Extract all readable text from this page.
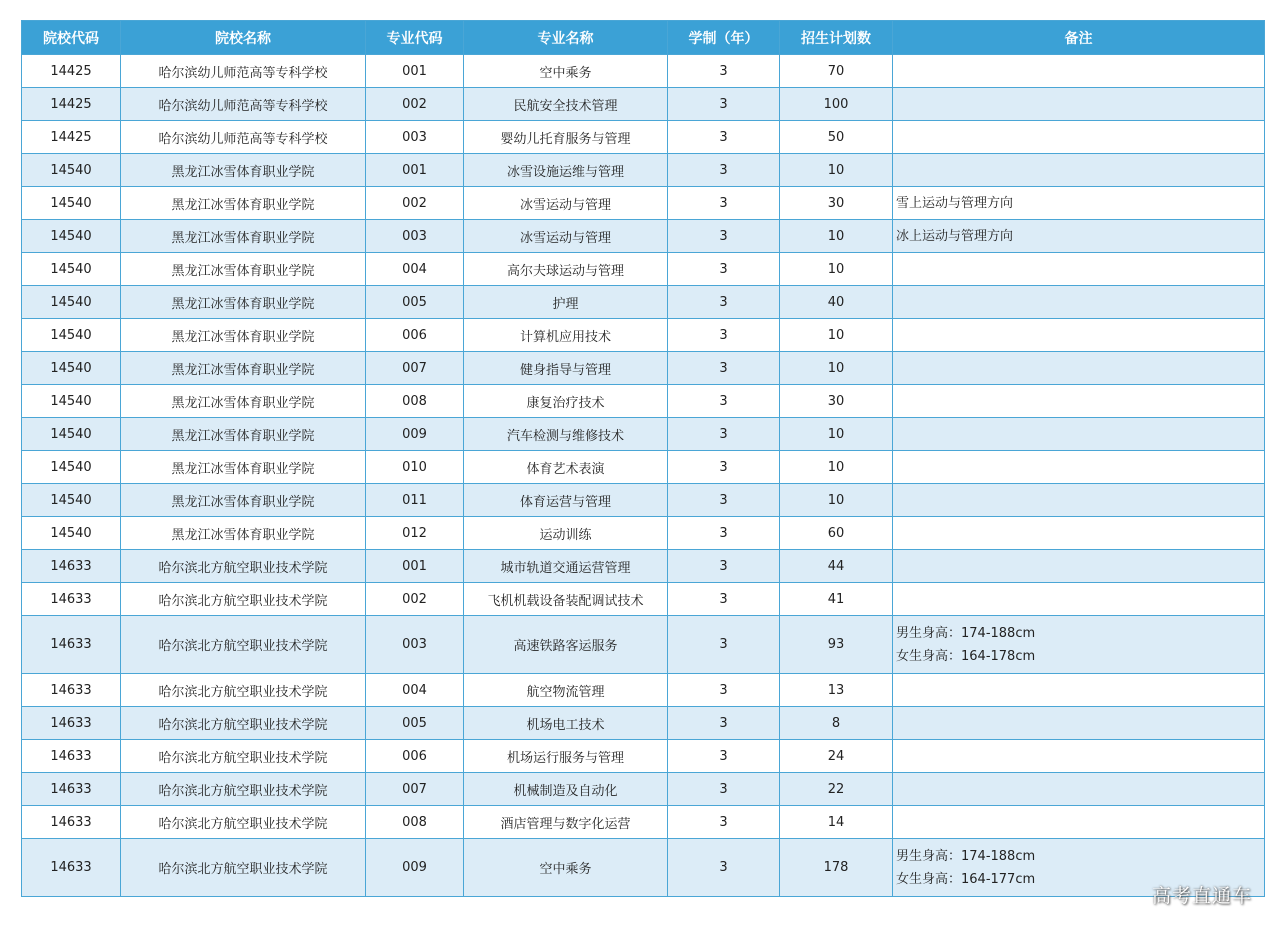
院校代码	院校名称	专业代码	专业名称	学制（年）	招生计划数	备注
14425	哈尔滨幼儿师范高等专科学校	001	空中乘务	3	70	
14425	哈尔滨幼儿师范高等专科学校	002	民航安全技术管理	3	100	
14425	哈尔滨幼儿师范高等专科学校	003	婴幼儿托育服务与管理	3	50	
14540	黑龙江冰雪体育职业学院	001	冰雪设施运维与管理	3	10	
14540	黑龙江冰雪体育职业学院	002	冰雪运动与管理	3	30	雪上运动与管理方向

14540	黑龙江冰雪体育职业学院	003	冰雪运动与管理	3	10	冰上运动与管理方向

14540	黑龙江冰雪体育职业学院	004	高尔夫球运动与管理	3	10	
14540	黑龙江冰雪体育职业学院	005	护理	3	40	
14540	黑龙江冰雪体育职业学院	006	计算机应用技术	3	10	
14540	黑龙江冰雪体育职业学院	007	健身指导与管理	3	10	
14540	黑龙江冰雪体育职业学院	008	康复治疗技术	3	30	
14540	黑龙江冰雪体育职业学院	009	汽车检测与维修技术	3	10	
14540	黑龙江冰雪体育职业学院	010	体育艺术表演	3	10	
14540	黑龙江冰雪体育职业学院	011	体育运营与管理	3	10	
14540	黑龙江冰雪体育职业学院	012	运动训练	3	60	
14633	哈尔滨北方航空职业技术学院	001	城市轨道交通运营管理	3	44	
14633	哈尔滨北方航空职业技术学院	002	飞机机载设备装配调试技术	3	41	
14633	哈尔滨北方航空职业技术学院	003	高速铁路客运服务	3	93	男生身高：174-188cm
女生身高：164-178cm

14633	哈尔滨北方航空职业技术学院	004	航空物流管理	3	13	
14633	哈尔滨北方航空职业技术学院	005	机场电工技术	3	8	
14633	哈尔滨北方航空职业技术学院	006	机场运行服务与管理	3	24	
14633	哈尔滨北方航空职业技术学院	007	机械制造及自动化	3	22	
14633	哈尔滨北方航空职业技术学院	008	酒店管理与数字化运营	3	14	
14633	哈尔滨北方航空职业技术学院	009	空中乘务	3	178	男生身高：174-188cm
女生身高：164-177cm
高考直通车
